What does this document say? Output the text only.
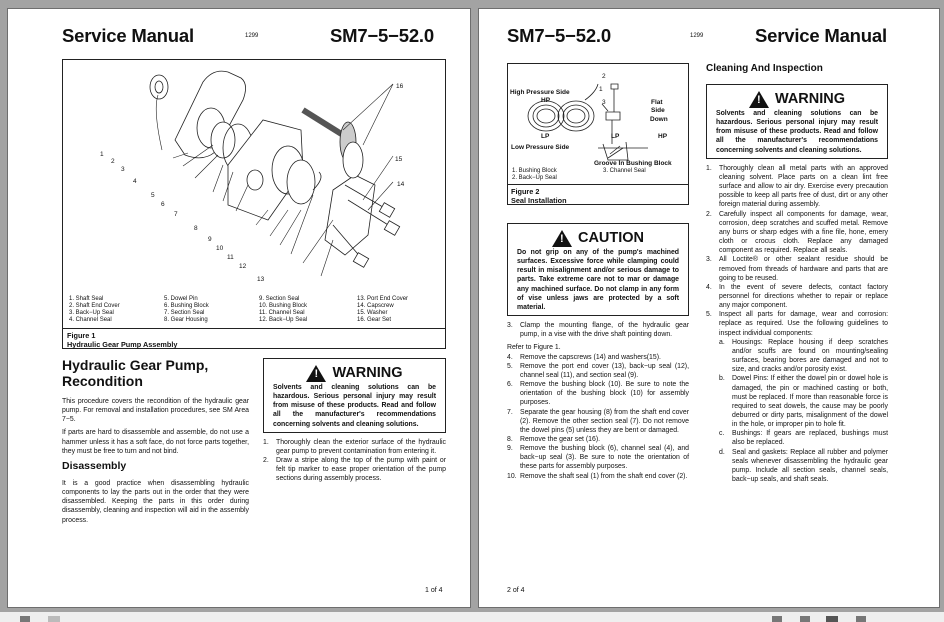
Service Manual	1299	SM7−5−52.0
1
2
3
4
5
6
7
8
9
10
11
12
13
14
15
16
1. Shaft Seal
2. Shaft End Cover
3. Back−Up Seal
4. Channel Seal
5. Dowel Pin
6. Bushing Block
7. Section Seal
8. Gear Housing
9. Section Seal
10. Bushing Block
11. Channel Seal
12. Back−Up Seal
13. Port End Cover
14. Capscrew
15. Washer
16. Gear Set
Figure 1
Hydraulic Gear Pump Assembly
Hydraulic Gear Pump, Recondition

This procedure covers the recondition of the hydraulic gear pump. For removal and installation procedures, see SM Area 7−5.

If parts are hard to disassemble and assemble, do not use a hammer unless it has a soft face, do not force parts together, they must be free to turn and not bind.

Disassembly

It is a good practice when disassembling hydraulic components to lay the parts out in the order that they were disassembled. Keeping the parts in this order during disassembly, cleaning and inspection will aid in the assembly process.

!
WARNING
Solvents and cleaning solutions can be hazardous. Serious personal injury may result from misuse of these products. Read and follow all the manufacturer's recommendations concerning solvents and cleaning solutions.
1.	Thoroughly clean the exterior surface of the hydraulic gear pump to prevent contamination from entering it.
2.	Draw a stripe along the top of the pump with paint or felt tip marker to ease proper orientation of the pump sections during assembly process.
1 of 4
SM7−5−52.0	1299	Service Manual
High Pressure Side
HP
LP
Low Pressure Side
1
2
3	Flat
Side
Down
LP	HP
Groove In Bushing Block
1. Bushing Block
2. Back−Up Seal
3. Channel Seal
Figure 2
Seal Installation
!
CAUTION
Do not grip on any of the pump's machined surfaces. Excessive force while clamping could result in misalignment and/or serious damage to parts. Take extreme care not to mar or damage any machined surface. Do not clamp in any form of vise unless jaws are protected by a soft material.
3.	Clamp the mounting flange, of the hydraulic gear pump, in a vise with the drive shaft pointing down.

Refer to Figure 1.

4.	Remove the capscrews (14) and washers(15).
5.	Remove the port end cover (13), back−up seal (12), channel seal (11), and section seal (9).
6.	Remove the bushing block (10). Be sure to note the orientation of the bushing block (10) for assembly purposes.
7.	Separate the gear housing (8) from the shaft end cover (2). Remove the other section seal (7). Do not remove the dowel pins (5) unless they are bent or damaged.
8.	Remove the gear set (16).
9.	Remove the bushing block (6), channel seal (4), and back−up seal (3). Be sure to note the orientation of these parts for assembly purposes.
10. Remove the shaft seal (1) from the shaft end cover (2).
Cleaning And Inspection
!
WARNING
Solvents and cleaning solutions can be hazardous. Serious personal injury may result from misuse of these products. Read and follow all the manufacturer's recommendations concerning solvents and cleaning solutions.
1.	Thoroughly clean all metal parts with an approved cleaning solvent. Place parts on a clean lint free surface and allow to air dry. Exercise every precaution possible to keep all parts free of dust, dirt or any other foreign material during assembly.
2.	Carefully inspect all components for damage, wear, corrosion, deep scratches and scuffed metal. Remove any burrs or sharp edges with a fine file, hone, emery cloth or crocus cloth. Replace any damaged component as required. Replace all seals.
3.	All Loctite® or other sealant residue should be removed from threads of hardware and parts that are going to be reused.
4.	In the event of severe defects, contact factory personnel for directions whether to repair or replace any major component.
5.	Inspect all parts for damage, wear and corrosion: replace as required. Use the following guidelines to inspect individual components:
a.	Housings: Replace housing if deep scratches and/or scuffs are found on mounting/sealing surfaces, bearing bores are damaged and not to size, and cracks and/or porosity exist.
b.	Dowel Pins: If either the dowel pin or dowel hole is damaged, the pin or machined casting or both, must be replaced. If more than reasonable force is required to seat dowels, the cause may be poorly deburred or dirty parts, misalignment of the dowel in the hole, or improper pin to hole fit.
c.	Bushings: If gears are replaced, bushings must also be replaced.
d.	Seal and gaskets: Replace all rubber and polymer seals whenever disassembling the hydraulic gear pump. Include all section seals, channel seals, back−up seals, and shaft seals.
2 of 4
